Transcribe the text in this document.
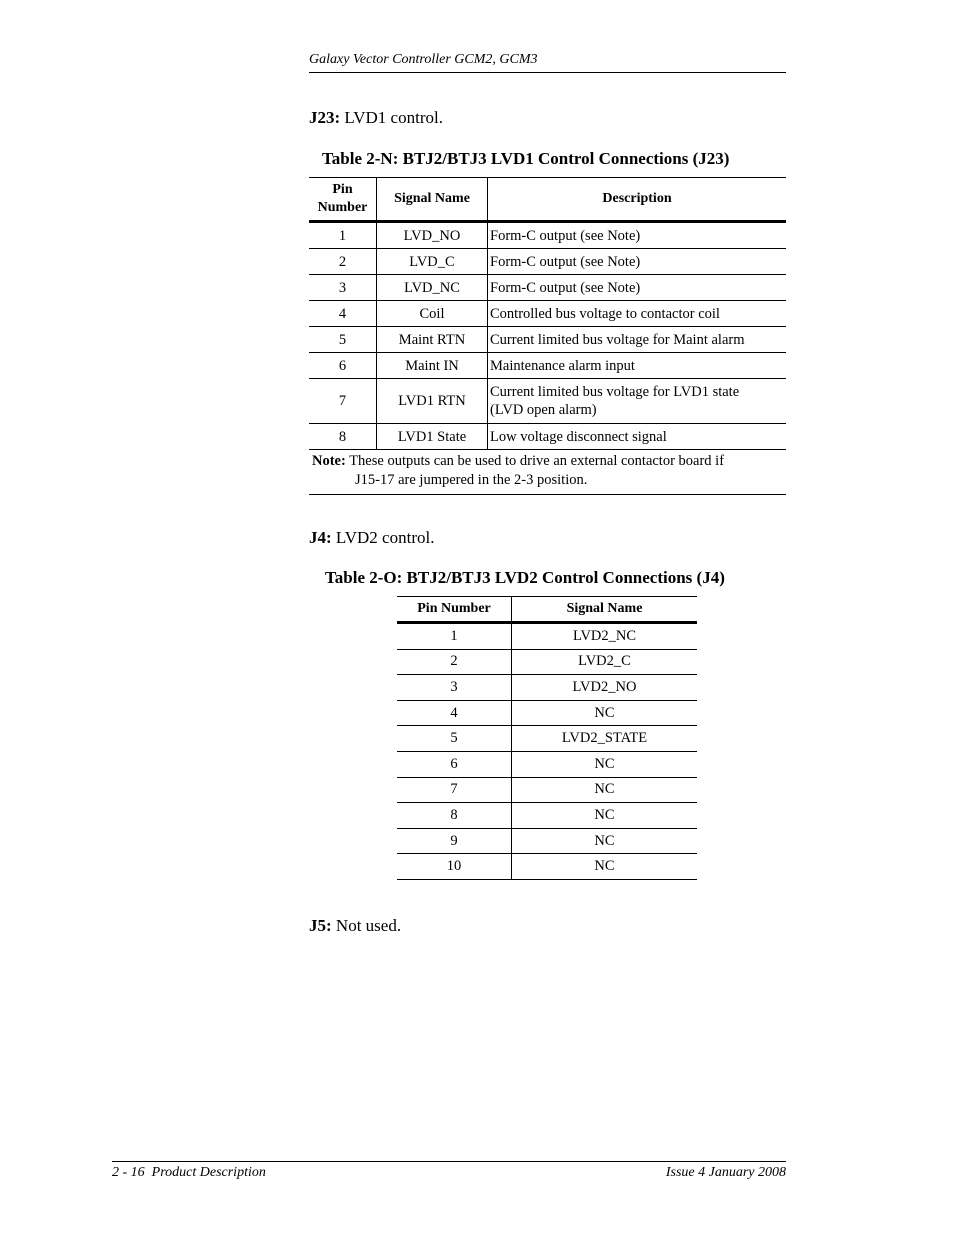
Galaxy Vector Controller GCM2, GCM3
J23: LVD1 control.
Table 2-N: BTJ2/BTJ3 LVD1 Control Connections (J23)
Pin
Number	Signal Name	Description
1	LVD_NO	Form-C output (see Note)
2	LVD_C	Form-C output (see Note)
3	LVD_NC	Form-C output (see Note)
4	Coil	Controlled bus voltage to contactor coil
5	Maint RTN	Current limited bus voltage for Maint alarm
6	Maint IN	Maintenance alarm input
7	LVD1 RTN	Current limited bus voltage for LVD1 state
(LVD open alarm)
8	LVD1 State	Low voltage disconnect signal
Note: These outputs can be used to drive an external contactor board if
J15-17 are jumpered in the 2-3 position.		
J4: LVD2 control.
Table 2-O: BTJ2/BTJ3 LVD2 Control Connections (J4)
Pin Number	Signal Name
1	LVD2_NC
2	LVD2_C
3	LVD2_NO
4	NC
5	LVD2_STATE
6	NC
7	NC
8	NC
9	NC
10	NC
J5: Not used.
2 - 16  Product Description	Issue 4 January 2008
